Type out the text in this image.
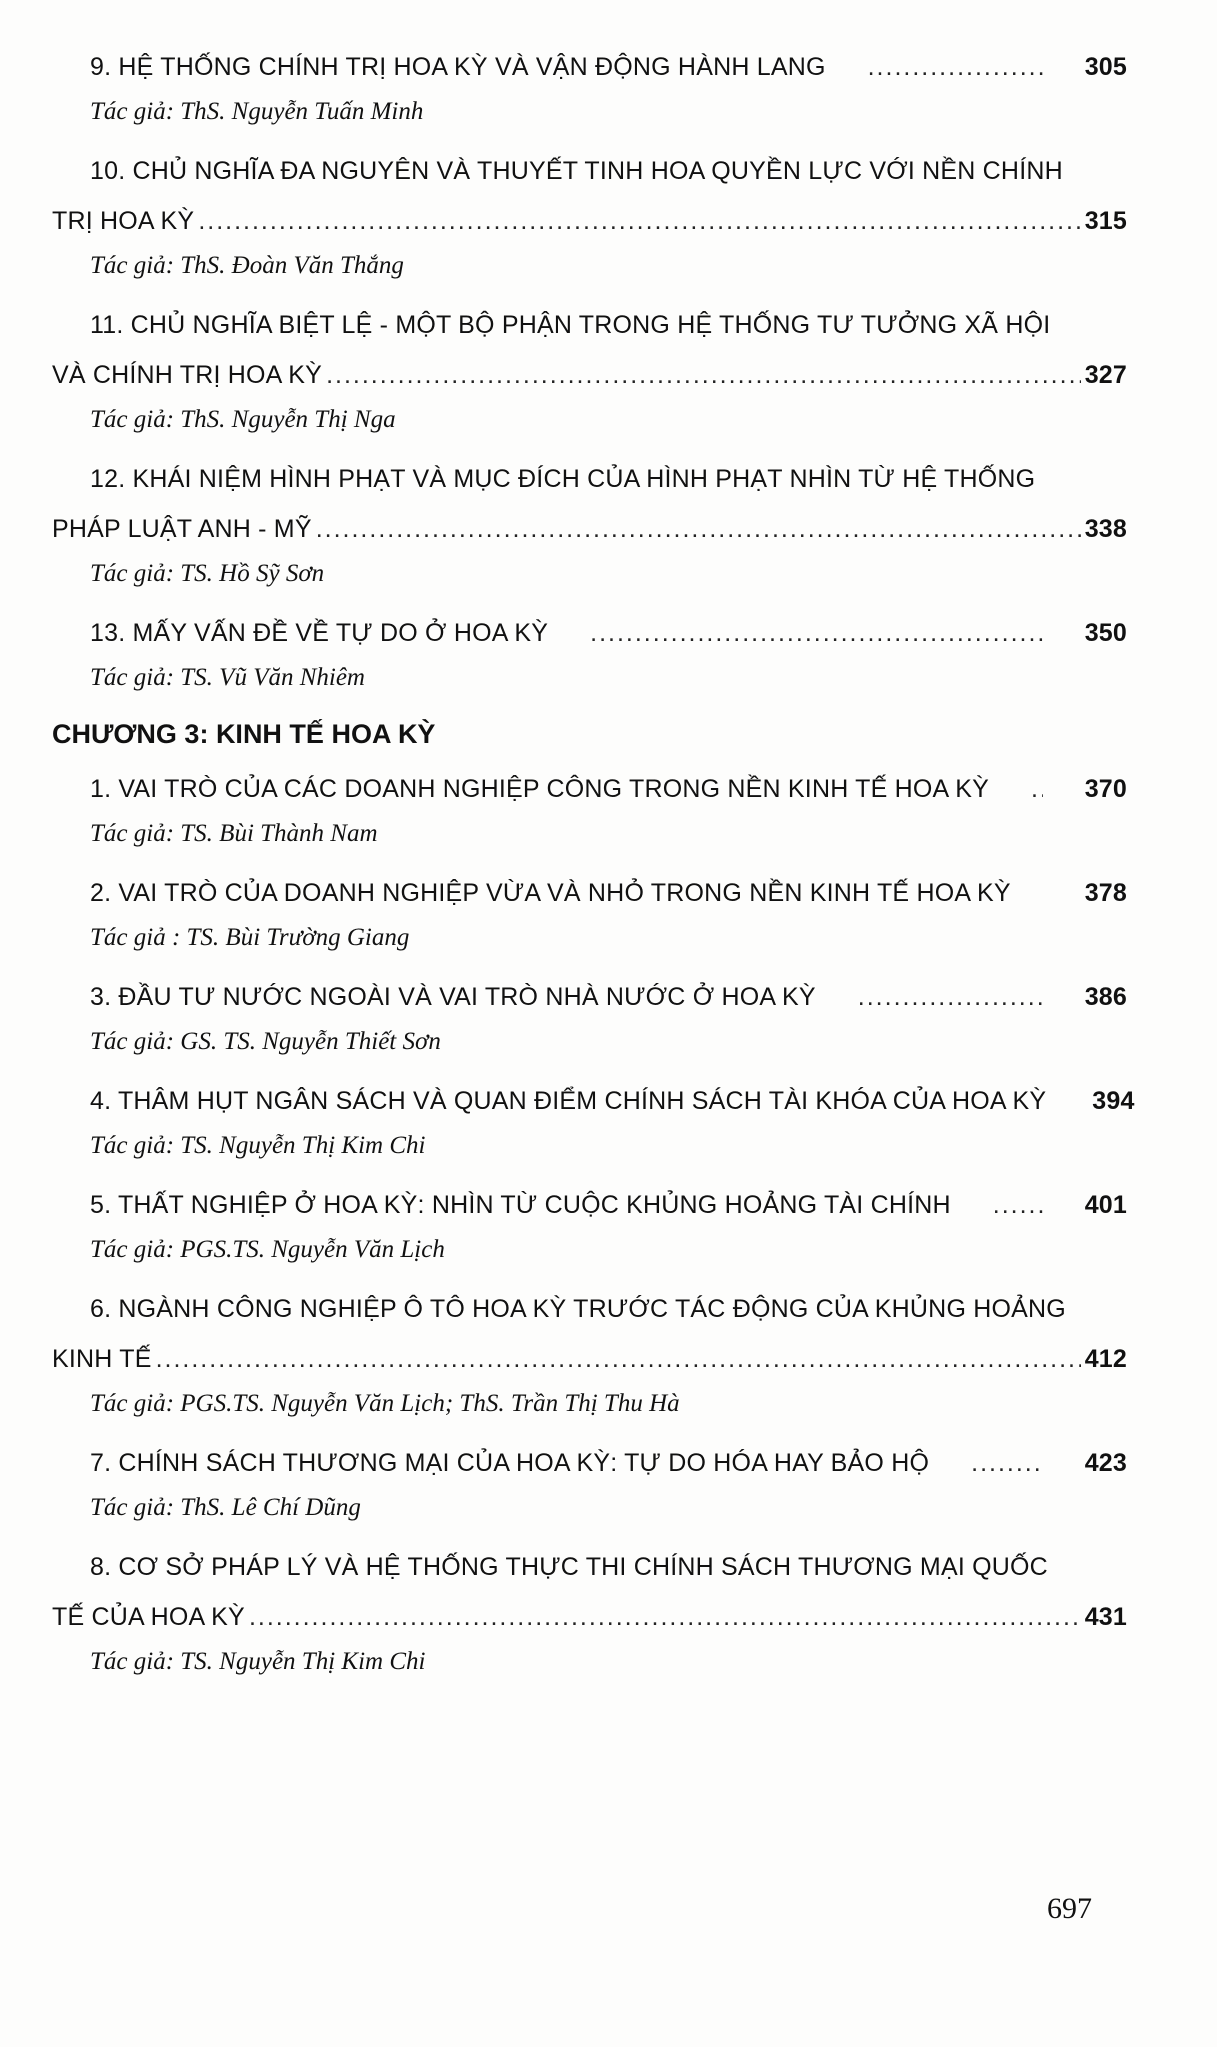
9. HỆ THỐNG CHÍNH TRỊ HOA KỲ VÀ VẬN ĐỘNG HÀNH LANG .....	305
Tác giả: ThS. Nguyễn Tuấn Minh
10. CHỦ NGHĨA ĐA NGUYÊN VÀ THUYẾT TINH HOA QUYỀN LỰC VỚI NỀN CHÍNH
TRỊ HOA KỲ .....	315
Tác giả: ThS. Đoàn Văn Thắng
11. CHỦ NGHĨA BIỆT LỆ - MỘT BỘ PHẬN TRONG HỆ THỐNG TƯ TƯỞNG XÃ HỘI
VÀ CHÍNH TRỊ HOA KỲ .....	327
Tác giả: ThS. Nguyễn Thị Nga
12. KHÁI NIỆM HÌNH PHẠT VÀ MỤC ĐÍCH CỦA HÌNH PHẠT NHÌN TỪ HỆ THỐNG
PHÁP LUẬT ANH - MỸ .....	338
Tác giả: TS. Hồ Sỹ Sơn
13. MẤY VẤN ĐỀ VỀ TỰ DO Ở HOA KỲ .....	350
Tác giả: TS. Vũ Văn Nhiêm
CHƯƠNG 3: KINH TẾ HOA KỲ
1. VAI TRÒ CỦA CÁC DOANH NGHIỆP CÔNG TRONG NỀN KINH TẾ HOA KỲ .....	370
Tác giả: TS. Bùi Thành Nam
2. VAI TRÒ CỦA DOANH NGHIỆP VỪA VÀ NHỎ TRONG NỀN KINH TẾ HOA KỲ .....	378
Tác giả : TS. Bùi Trường Giang
3. ĐẦU TƯ NƯỚC NGOÀI VÀ VAI TRÒ NHÀ NƯỚC Ở HOA KỲ .....	386
Tác giả: GS. TS. Nguyễn Thiết Sơn
4. THÂM HỤT NGÂN SÁCH VÀ QUAN ĐIỂM CHÍNH SÁCH TÀI KHÓA CỦA HOA KỲ	394
Tác giả: TS. Nguyễn Thị Kim Chi
5. THẤT NGHIỆP Ở HOA KỲ: NHÌN TỪ CUỘC KHỦNG HOẢNG TÀI CHÍNH .....	401
Tác giả: PGS.TS. Nguyễn Văn Lịch
6. NGÀNH CÔNG NGHIỆP Ô TÔ HOA KỲ TRƯỚC TÁC ĐỘNG CỦA KHỦNG HOẢNG
KINH TẾ .....	412
Tác giả: PGS.TS. Nguyễn Văn Lịch; ThS. Trần Thị Thu Hà
7. CHÍNH SÁCH THƯƠNG MẠI CỦA HOA KỲ: TỰ DO HÓA HAY BẢO HỘ .....	423
Tác giả: ThS. Lê Chí Dũng
8. CƠ SỞ PHÁP LÝ VÀ HỆ THỐNG THỰC THI CHÍNH SÁCH THƯƠNG MẠI QUỐC
TẾ CỦA HOA KỲ .....	431
Tác giả: TS. Nguyễn Thị Kim Chi
697
